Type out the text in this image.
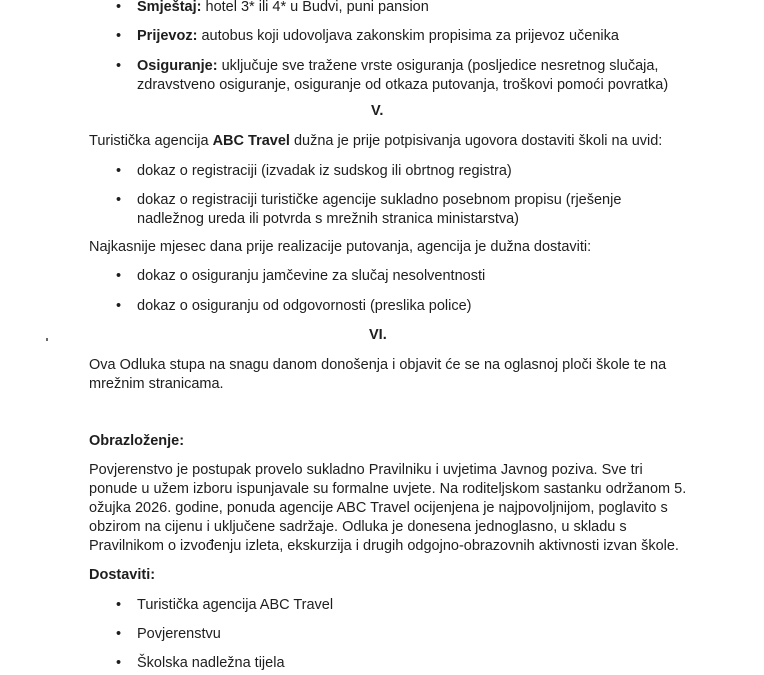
• Smještaj: hotel 3* ili 4* u Budvi, puni pansion
• Prijevoz: autobus koji udovoljava zakonskim propisima za prijevoz učenika
• Osiguranje: uključuje sve tražene vrste osiguranja (posljedice nesretnog slučaja,
zdravstveno osiguranje, osiguranje od otkaza putovanja, troškovi pomoći povratka)
V.
Turistička agencija ABC Travel dužna je prije potpisivanja ugovora dostaviti školi na uvid:
• dokaz o registraciji (izvadak iz sudskog ili obrtnog registra)
• dokaz o registraciji turističke agencije sukladno posebnom propisu (rješenje
nadležnog ureda ili potvrda s mrežnih stranica ministarstva)
Najkasnije mjesec dana prije realizacije putovanja, agencija je dužna dostaviti:
• dokaz o osiguranju jamčevine za slučaj nesolventnosti
• dokaz o osiguranju od odgovornosti (preslika police)
VI.
Ova Odluka stupa na snagu danom donošenja i objavit će se na oglasnoj ploči škole te na
mrežnim stranicama.
Obrazloženje:
Povjerenstvo je postupak provelo sukladno Pravilniku i uvjetima Javnog poziva. Sve tri
ponude u užem izboru ispunjavale su formalne uvjete. Na roditeljskom sastanku održanom 5.
ožujka 2026. godine, ponuda agencije ABC Travel ocijenjena je najpovoljnijom, poglavito s
obzirom na cijenu i uključene sadržaje. Odluka je donesena jednoglasno, u skladu s
Pravilnikom o izvođenju izleta, ekskurzija i drugih odgojno-obrazovnih aktivnosti izvan škole.
Dostaviti:
• Turistička agencija ABC Travel
• Povjerenstvu
• Školska nadležna tijela
